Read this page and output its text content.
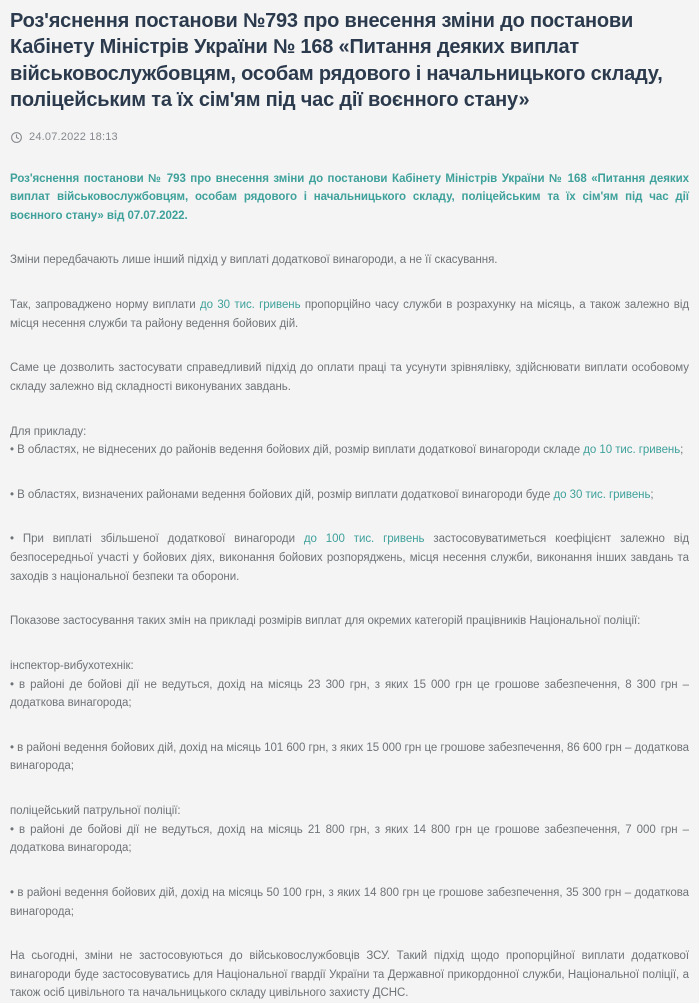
Роз'яснення постанови №793 про внесення зміни до постанови Кабінету Міністрів України № 168 «Питання деяких виплат військовослужбовцям, особам рядового і начальницького складу, поліцейським та їх сім'ям під час дії воєнного стану»
24.07.2022 18:13

Роз'яснення постанови № 793 про внесення зміни до постанови Кабінету Міністрів України № 168 «Питання деяких виплат військовослужбовцям, особам рядового і начальницького складу, поліцейським та їх сім'ям під час дії воєнного стану» від 07.07.2022.

Зміни передбачають лише інший підхід у виплаті додаткової винагороди, а не її скасування.

Так, запроваджено норму виплати до 30 тис. гривень пропорційно часу служби в розрахунку на місяць, а також залежно від місця несення служби та району ведення бойових дій.

Саме це дозволить застосувати справедливий підхід до оплати праці та усунути зрівнялівку, здійснювати виплати особовому складу залежно від складності виконуваних завдань.

Для прикладу:
• В областях, не віднесених до районів ведення бойових дій, розмір виплати додаткової винагороди складе до 10 тис. гривень;

• В областях, визначених районами ведення бойових дій, розмір виплати додаткової винагороди буде до 30 тис. гривень;

• При виплаті збільшеної додаткової винагороди до 100 тис. гривень застосовуватиметься коефіцієнт залежно від безпосередньої участі у бойових діях, виконання бойових розпоряджень, місця несення служби, виконання інших завдань та заходів з національної безпеки та оборони.

Показове застосування таких змін на прикладі розмірів виплат для окремих категорій працівників Національної поліції:

інспектор-вибухотехнік:
• в районі де бойові дії не ведуться, дохід на місяць 23 300 грн, з яких 15 000 грн це грошове забезпечення, 8 300 грн – додаткова винагорода;

• в районі ведення бойових дій, дохід на місяць 101 600 грн, з яких 15 000 грн це грошове забезпечення, 86 600 грн – додаткова винагорода;

поліцейський патрульної поліції:
• в районі де бойові дії не ведуться, дохід на місяць 21 800 грн, з яких 14 800 грн це грошове забезпечення, 7 000 грн – додаткова винагорода;

• в районі ведення бойових дій, дохід на місяць 50 100 грн, з яких 14 800 грн це грошове забезпечення, 35 300 грн – додаткова винагорода;

На сьогодні, зміни не застосовуються до військовослужбовців ЗСУ. Такий підхід щодо пропорційної виплати додаткової винагороди буде застосовуватись для Національної гвардії України та Державної прикордонної служби, Національної поліції, а також осіб цивільного та начальницького складу цивільного захисту ДСНС.
